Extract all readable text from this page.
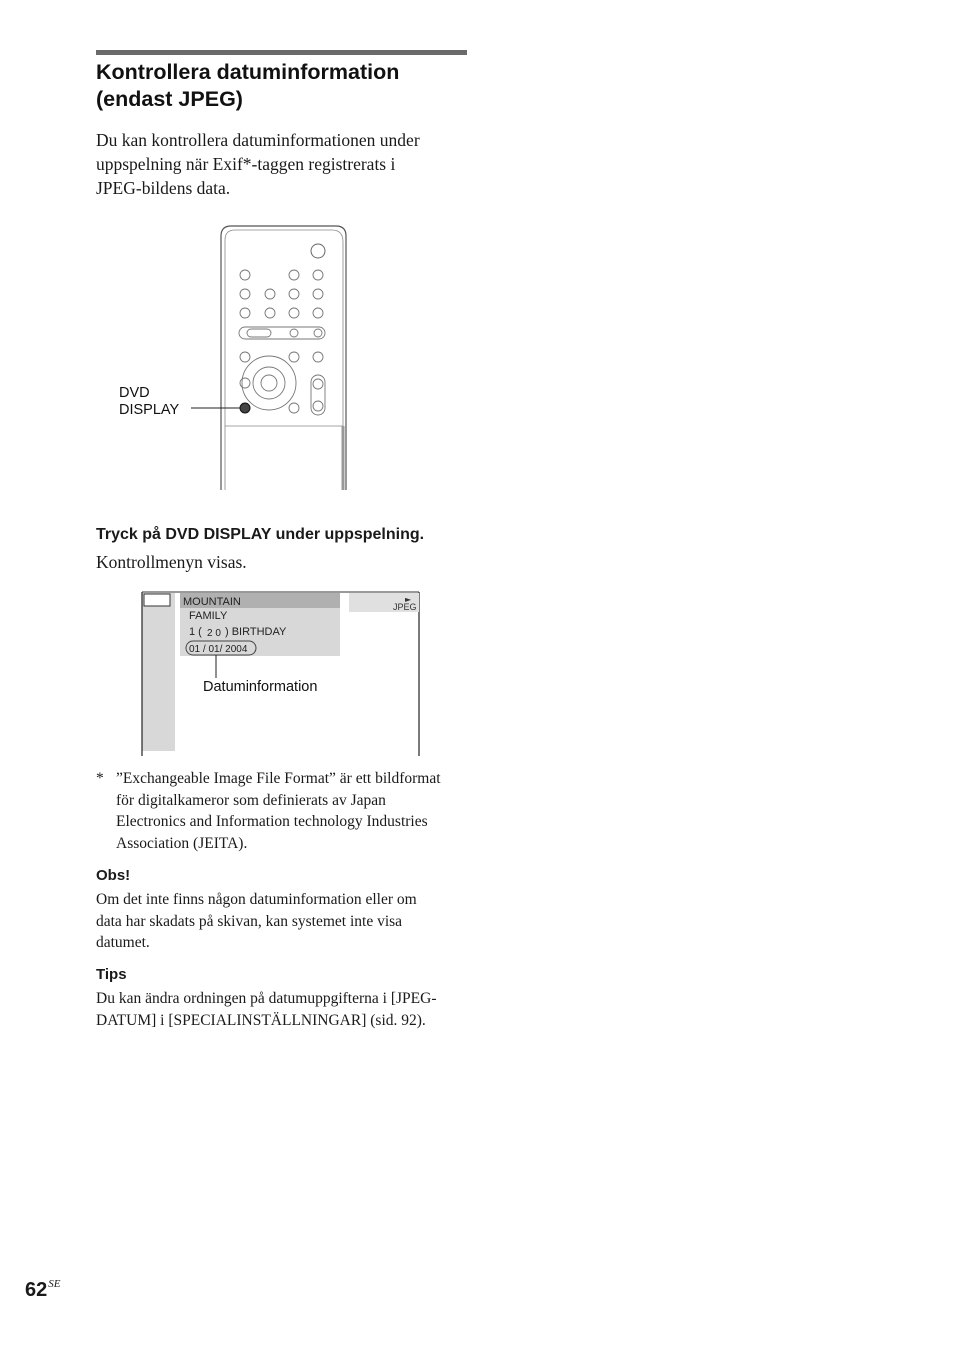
Kontrollera datuminformation
(endast JPEG)
Du kan kontrollera datuminformationen under
uppspelning när Exif*-taggen registrerats i
JPEG-bildens data.
DVD
DISPLAY
Tryck på DVD DISPLAY under uppspelning.
Kontrollmenyn visas.
MOUNTAIN
FAMILY
1 ( 2 0 ) BIRTHDAY
01 / 01/ 2004
►
JPEG
Datuminformation
* ”Exchangeable Image File Format” är ett bildformat
för digitalkameror som definierats av Japan
Electronics and Information technology Industries
Association (JEITA).
Obs!
Om det inte finns någon datuminformation eller om
data har skadats på skivan, kan systemet inte visa
datumet.
Tips
Du kan ändra ordningen på datumuppgifterna i [JPEG-
DATUM] i [SPECIALINSTÄLLNINGAR] (sid. 92).
$62^{SE}$
